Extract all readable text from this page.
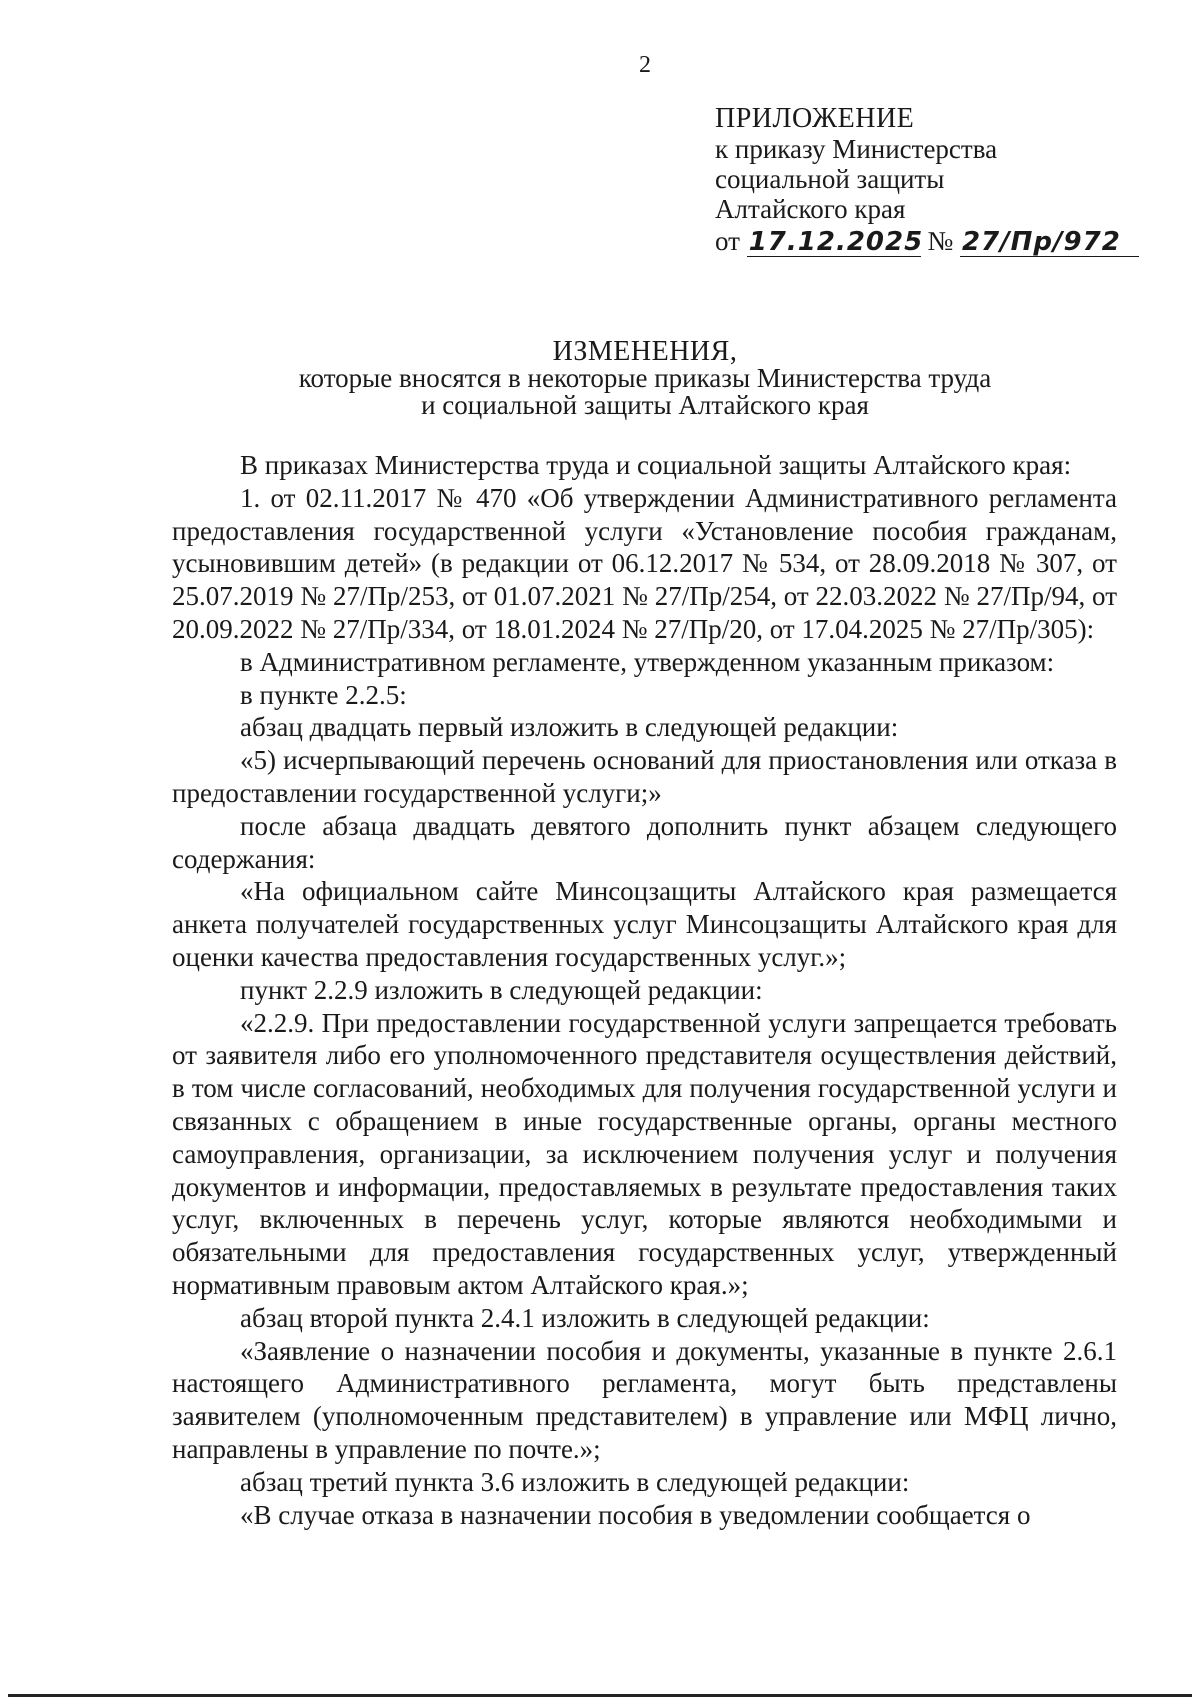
2
ПРИЛОЖЕНИЕ
к приказу Министерства
социальной защиты
Алтайского края
от 17.12.2025 № 27/Пр/972
ИЗМЕНЕНИЯ,
которые вносятся в некоторые приказы Министерства труда
и социальной защиты Алтайского края

В приказах Министерства труда и социальной защиты Алтайского края:

1. от 02.11.2017 № 470 «Об утверждении Административного регламента предоставления государственной услуги «Установление пособия гражданам, усыновившим детей» (в редакции от 06.12.2017 № 534, от 28.09.2018 № 307, от 25.07.2019 № 27/Пр/253, от 01.07.2021 № 27/Пр/254, от 22.03.2022 № 27/Пр/94, от 20.09.2022 № 27/Пр/334, от 18.01.2024 № 27/Пр/20, от 17.04.2025 № 27/Пр/305):

в Административном регламенте, утвержденном указанным приказом:

в пункте 2.2.5:

абзац двадцать первый изложить в следующей редакции:

«5) исчерпывающий перечень оснований для приостановления или отказа в предоставлении государственной услуги;»

после абзаца двадцать девятого дополнить пункт абзацем следующего содержания:

«На официальном сайте Минсоцзащиты Алтайского края размещается анкета получателей государственных услуг Минсоцзащиты Алтайского края для оценки качества предоставления государственных услуг.»;

пункт 2.2.9 изложить в следующей редакции:

«2.2.9. При предоставлении государственной услуги запрещается требовать от заявителя либо его уполномоченного представителя осуществления действий, в том числе согласований, необходимых для получения государственной услуги и связанных с обращением в иные государственные органы, органы местного самоуправления, организации, за исключением получения услуг и получения документов и информации, предоставляемых в результате предоставления таких услуг, включенных в перечень услуг, которые являются необходимыми и обязательными для предоставления государственных услуг, утвержденный нормативным правовым актом Алтайского края.»;

абзац второй пункта 2.4.1 изложить в следующей редакции:

«Заявление о назначении пособия и документы, указанные в пункте 2.6.1 настоящего Административного регламента, могут быть представлены заявителем (уполномоченным представителем) в управление или МФЦ лично, направлены в управление по почте.»;

абзац третий пункта 3.6 изложить в следующей редакции:

«В случае отказа в назначении пособия в уведомлении сообщается о
